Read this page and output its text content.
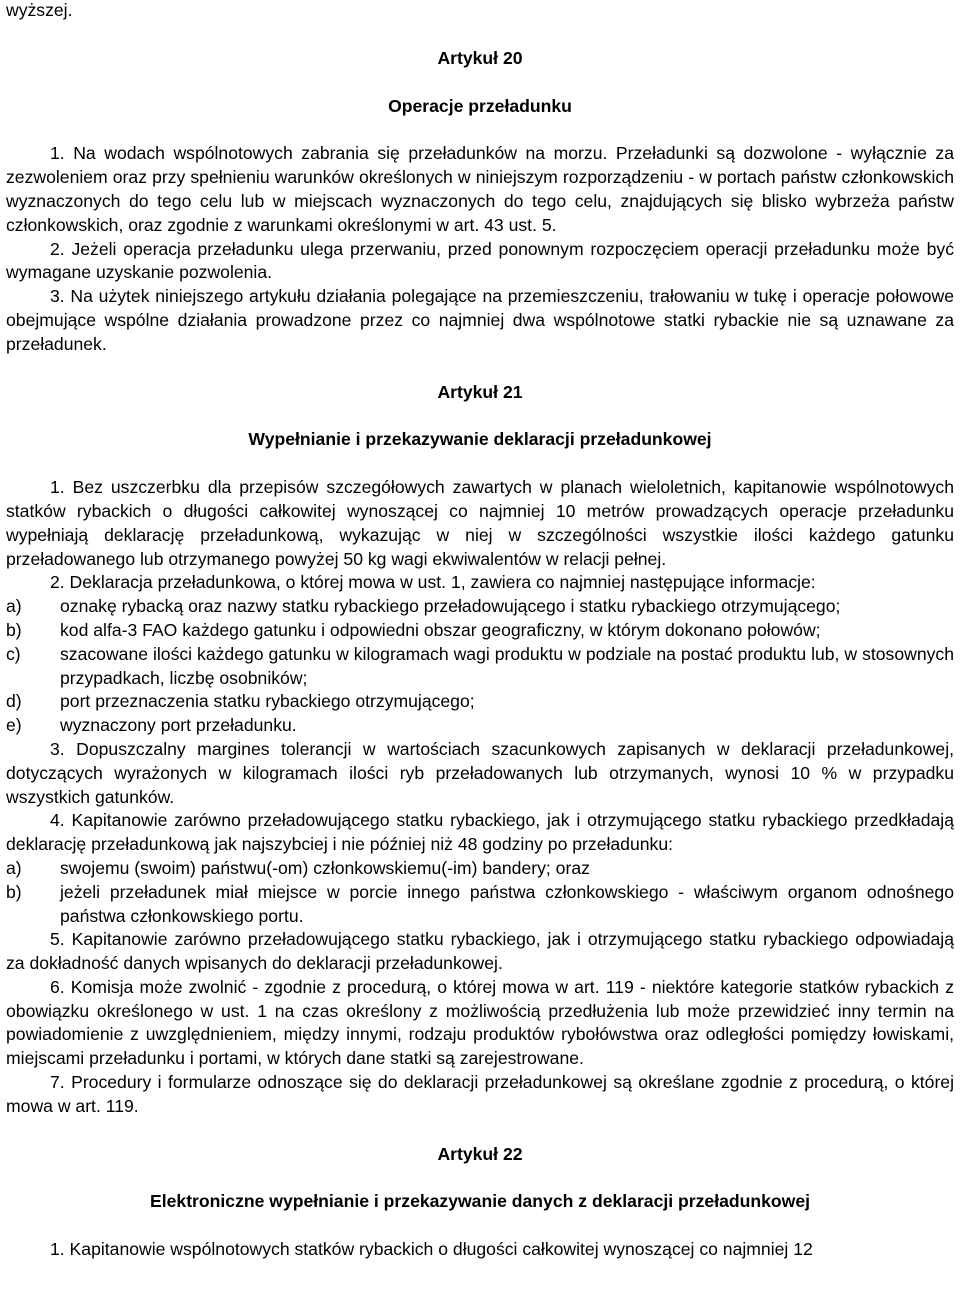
wyższej.
Artykuł 20
Operacje przeładunku

1. Na wodach wspólnotowych zabrania się przeładunków na morzu. Przeładunki są dozwolone - wyłącznie za zezwoleniem oraz przy spełnieniu warunków określonych w niniejszym rozporządzeniu - w portach państw członkowskich wyznaczonych do tego celu lub w miejscach wyznaczonych do tego celu, znajdujących się blisko wybrzeża państw członkowskich, oraz zgodnie z warunkami określonymi w art. 43 ust. 5.

2. Jeżeli operacja przeładunku ulega przerwaniu, przed ponownym rozpoczęciem operacji przeładunku może być wymagane uzyskanie pozwolenia.

3. Na użytek niniejszego artykułu działania polegające na przemieszczeniu, trałowaniu w tukę i operacje połowowe obejmujące wspólne działania prowadzone przez co najmniej dwa wspólnotowe statki rybackie nie są uznawane za przeładunek.

Artykuł 21
Wypełnianie i przekazywanie deklaracji przeładunkowej

1. Bez uszczerbku dla przepisów szczegółowych zawartych w planach wieloletnich, kapitanowie wspólnotowych statków rybackich o długości całkowitej wynoszącej co najmniej 10 metrów prowadzących operacje przeładunku wypełniają deklarację przeładunkową, wykazując w niej w szczególności wszystkie ilości każdego gatunku przeładowanego lub otrzymanego powyżej 50 kg wagi ekwiwalentów w relacji pełnej.

2. Deklaracja przeładunkowa, o której mowa w ust. 1, zawiera co najmniej następujące informacje:

a)	oznakę rybacką oraz nazwy statku rybackiego przeładowującego i statku rybackiego otrzymującego;
b)	kod alfa-3 FAO każdego gatunku i odpowiedni obszar geograficzny, w którym dokonano połowów;
c)	szacowane ilości każdego gatunku w kilogramach wagi produktu w podziale na postać produktu lub, w stosownych przypadkach, liczbę osobników;
d)	port przeznaczenia statku rybackiego otrzymującego;
e)	wyznaczony port przeładunku.

3. Dopuszczalny margines tolerancji w wartościach szacunkowych zapisanych w deklaracji przeładunkowej, dotyczących wyrażonych w kilogramach ilości ryb przeładowanych lub otrzymanych, wynosi 10 % w przypadku wszystkich gatunków.

4. Kapitanowie zarówno przeładowującego statku rybackiego, jak i otrzymującego statku rybackiego przedkładają deklarację przeładunkową jak najszybciej i nie później niż 48 godziny po przeładunku:

a)	swojemu (swoim) państwu(-om) członkowskiemu(-im) bandery; oraz
b)	jeżeli przeładunek miał miejsce w porcie innego państwa członkowskiego - właściwym organom odnośnego państwa członkowskiego portu.

5. Kapitanowie zarówno przeładowującego statku rybackiego, jak i otrzymującego statku rybackiego odpowiadają za dokładność danych wpisanych do deklaracji przeładunkowej.

6. Komisja może zwolnić - zgodnie z procedurą, o której mowa w art. 119 - niektóre kategorie statków rybackich z obowiązku określonego w ust. 1 na czas określony z możliwością przedłużenia lub może przewidzieć inny termin na powiadomienie z uwzględnieniem, między innymi, rodzaju produktów rybołówstwa oraz odległości pomiędzy łowiskami, miejscami przeładunku i portami, w których dane statki są zarejestrowane.

7. Procedury i formularze odnoszące się do deklaracji przeładunkowej są określane zgodnie z procedurą, o której mowa w art. 119.

Artykuł 22
Elektroniczne wypełnianie i przekazywanie danych z deklaracji przeładunkowej

1. Kapitanowie wspólnotowych statków rybackich o długości całkowitej wynoszącej co najmniej 12
